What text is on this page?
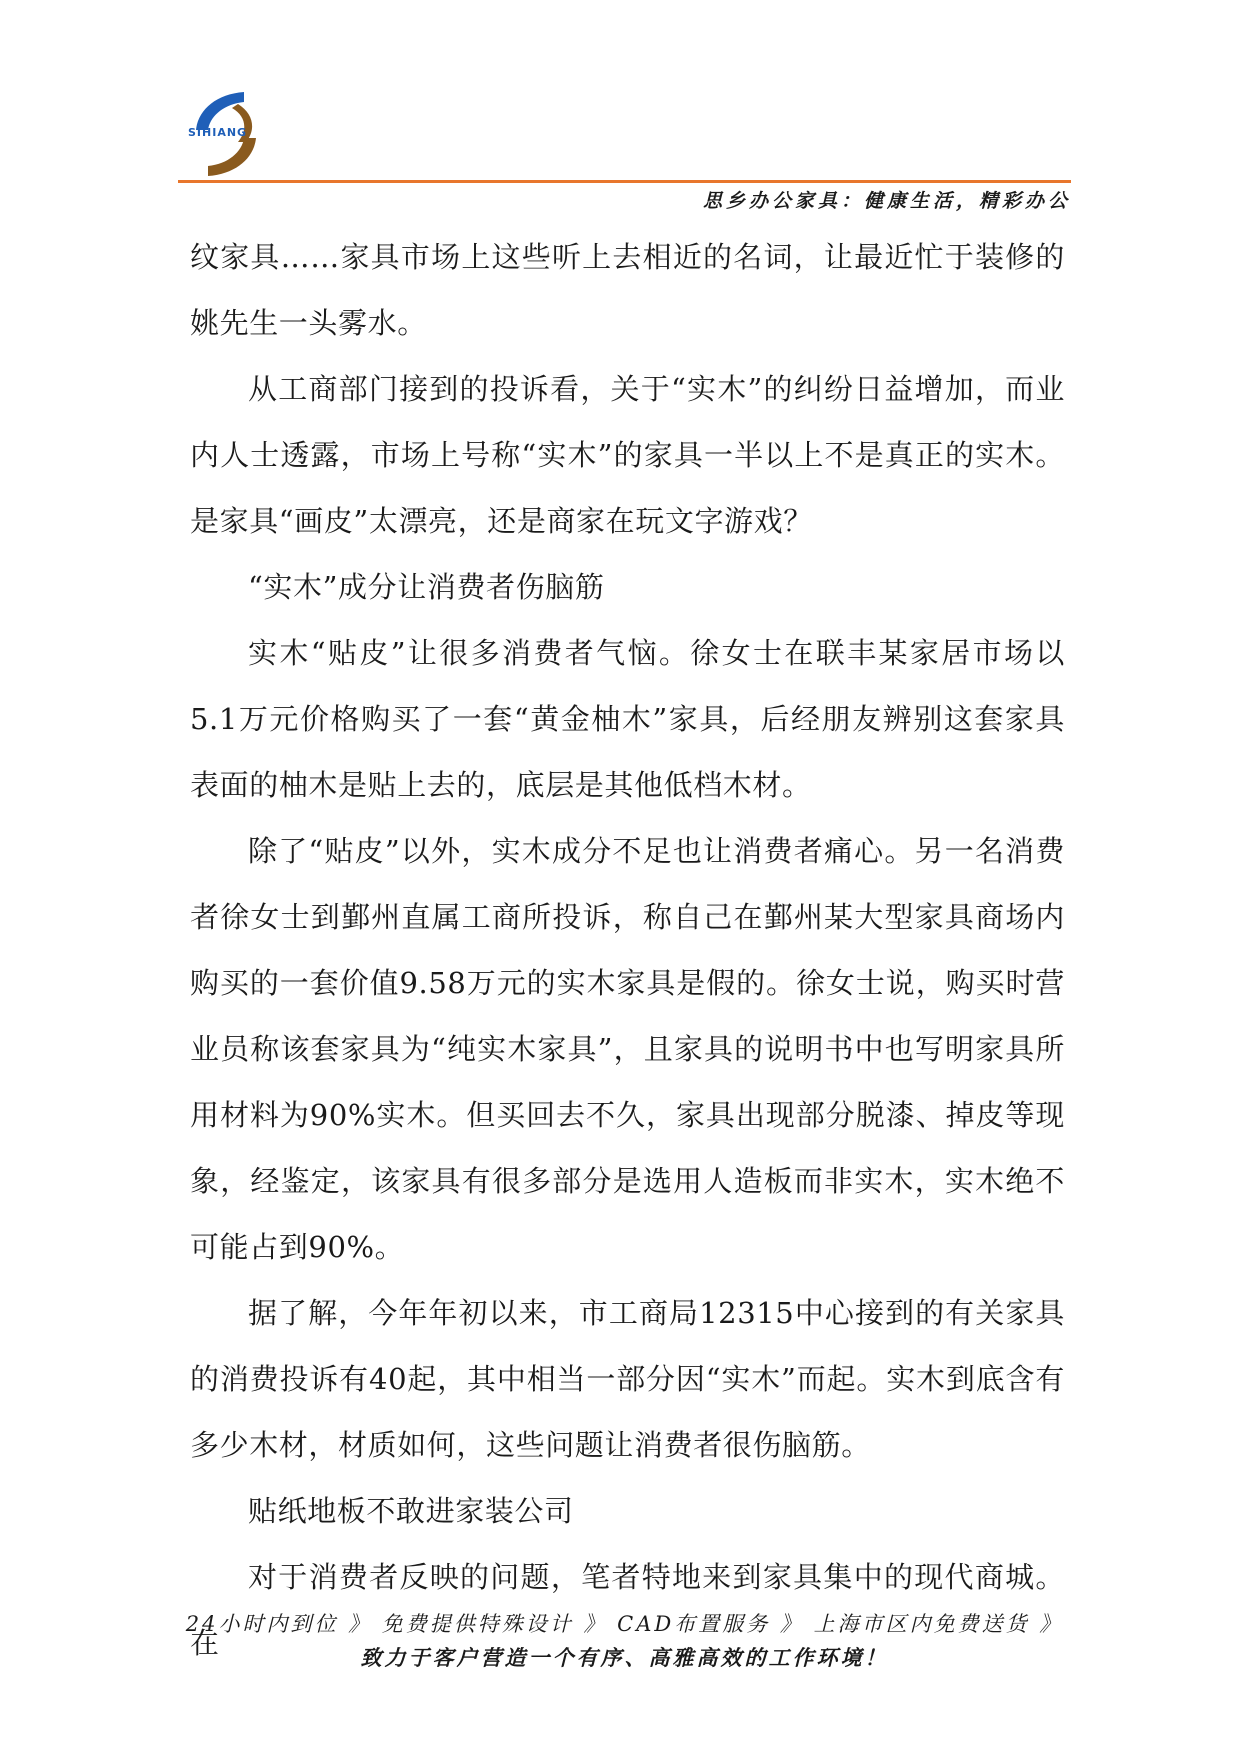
SIHIANG
思乡办公家具：健康生活，精彩办公

纹家具……家具市场上这些听上去相近的名词，让最近忙于装修的姚先生一头雾水。

从工商部门接到的投诉看，关于“实木”的纠纷日益增加，而业内人士透露，市场上号称“实木”的家具一半以上不是真正的实木。是家具“画皮”太漂亮，还是商家在玩文字游戏？

“实木”成分让消费者伤脑筋

实木“贴皮”让很多消费者气恼。徐女士在联丰某家居市场以5.1万元价格购买了一套“黄金柚木”家具，后经朋友辨别这套家具表面的柚木是贴上去的，底层是其他低档木材。

除了“贴皮”以外，实木成分不足也让消费者痛心。另一名消费者徐女士到鄞州直属工商所投诉，称自己在鄞州某大型家具商场内购买的一套价值9.58万元的实木家具是假的。徐女士说，购买时营业员称该套家具为“纯实木家具”，且家具的说明书中也写明家具所用材料为90%实木。但买回去不久，家具出现部分脱漆、掉皮等现象，经鉴定，该家具有很多部分是选用人造板而非实木，实木绝不可能占到90%。

据了解，今年年初以来，市工商局12315中心接到的有关家具的消费投诉有40起，其中相当一部分因“实木”而起。实木到底含有多少木材，材质如何，这些问题让消费者很伤脑筋。

贴纸地板不敢进家装公司

对于消费者反映的问题，笔者特地来到家具集中的现代商城。在

24小时内到位 》 免费提供特殊设计 》 CAD布置服务 》 上海市区内免费送货 》
致力于客户营造一个有序、高雅高效的工作环境！
